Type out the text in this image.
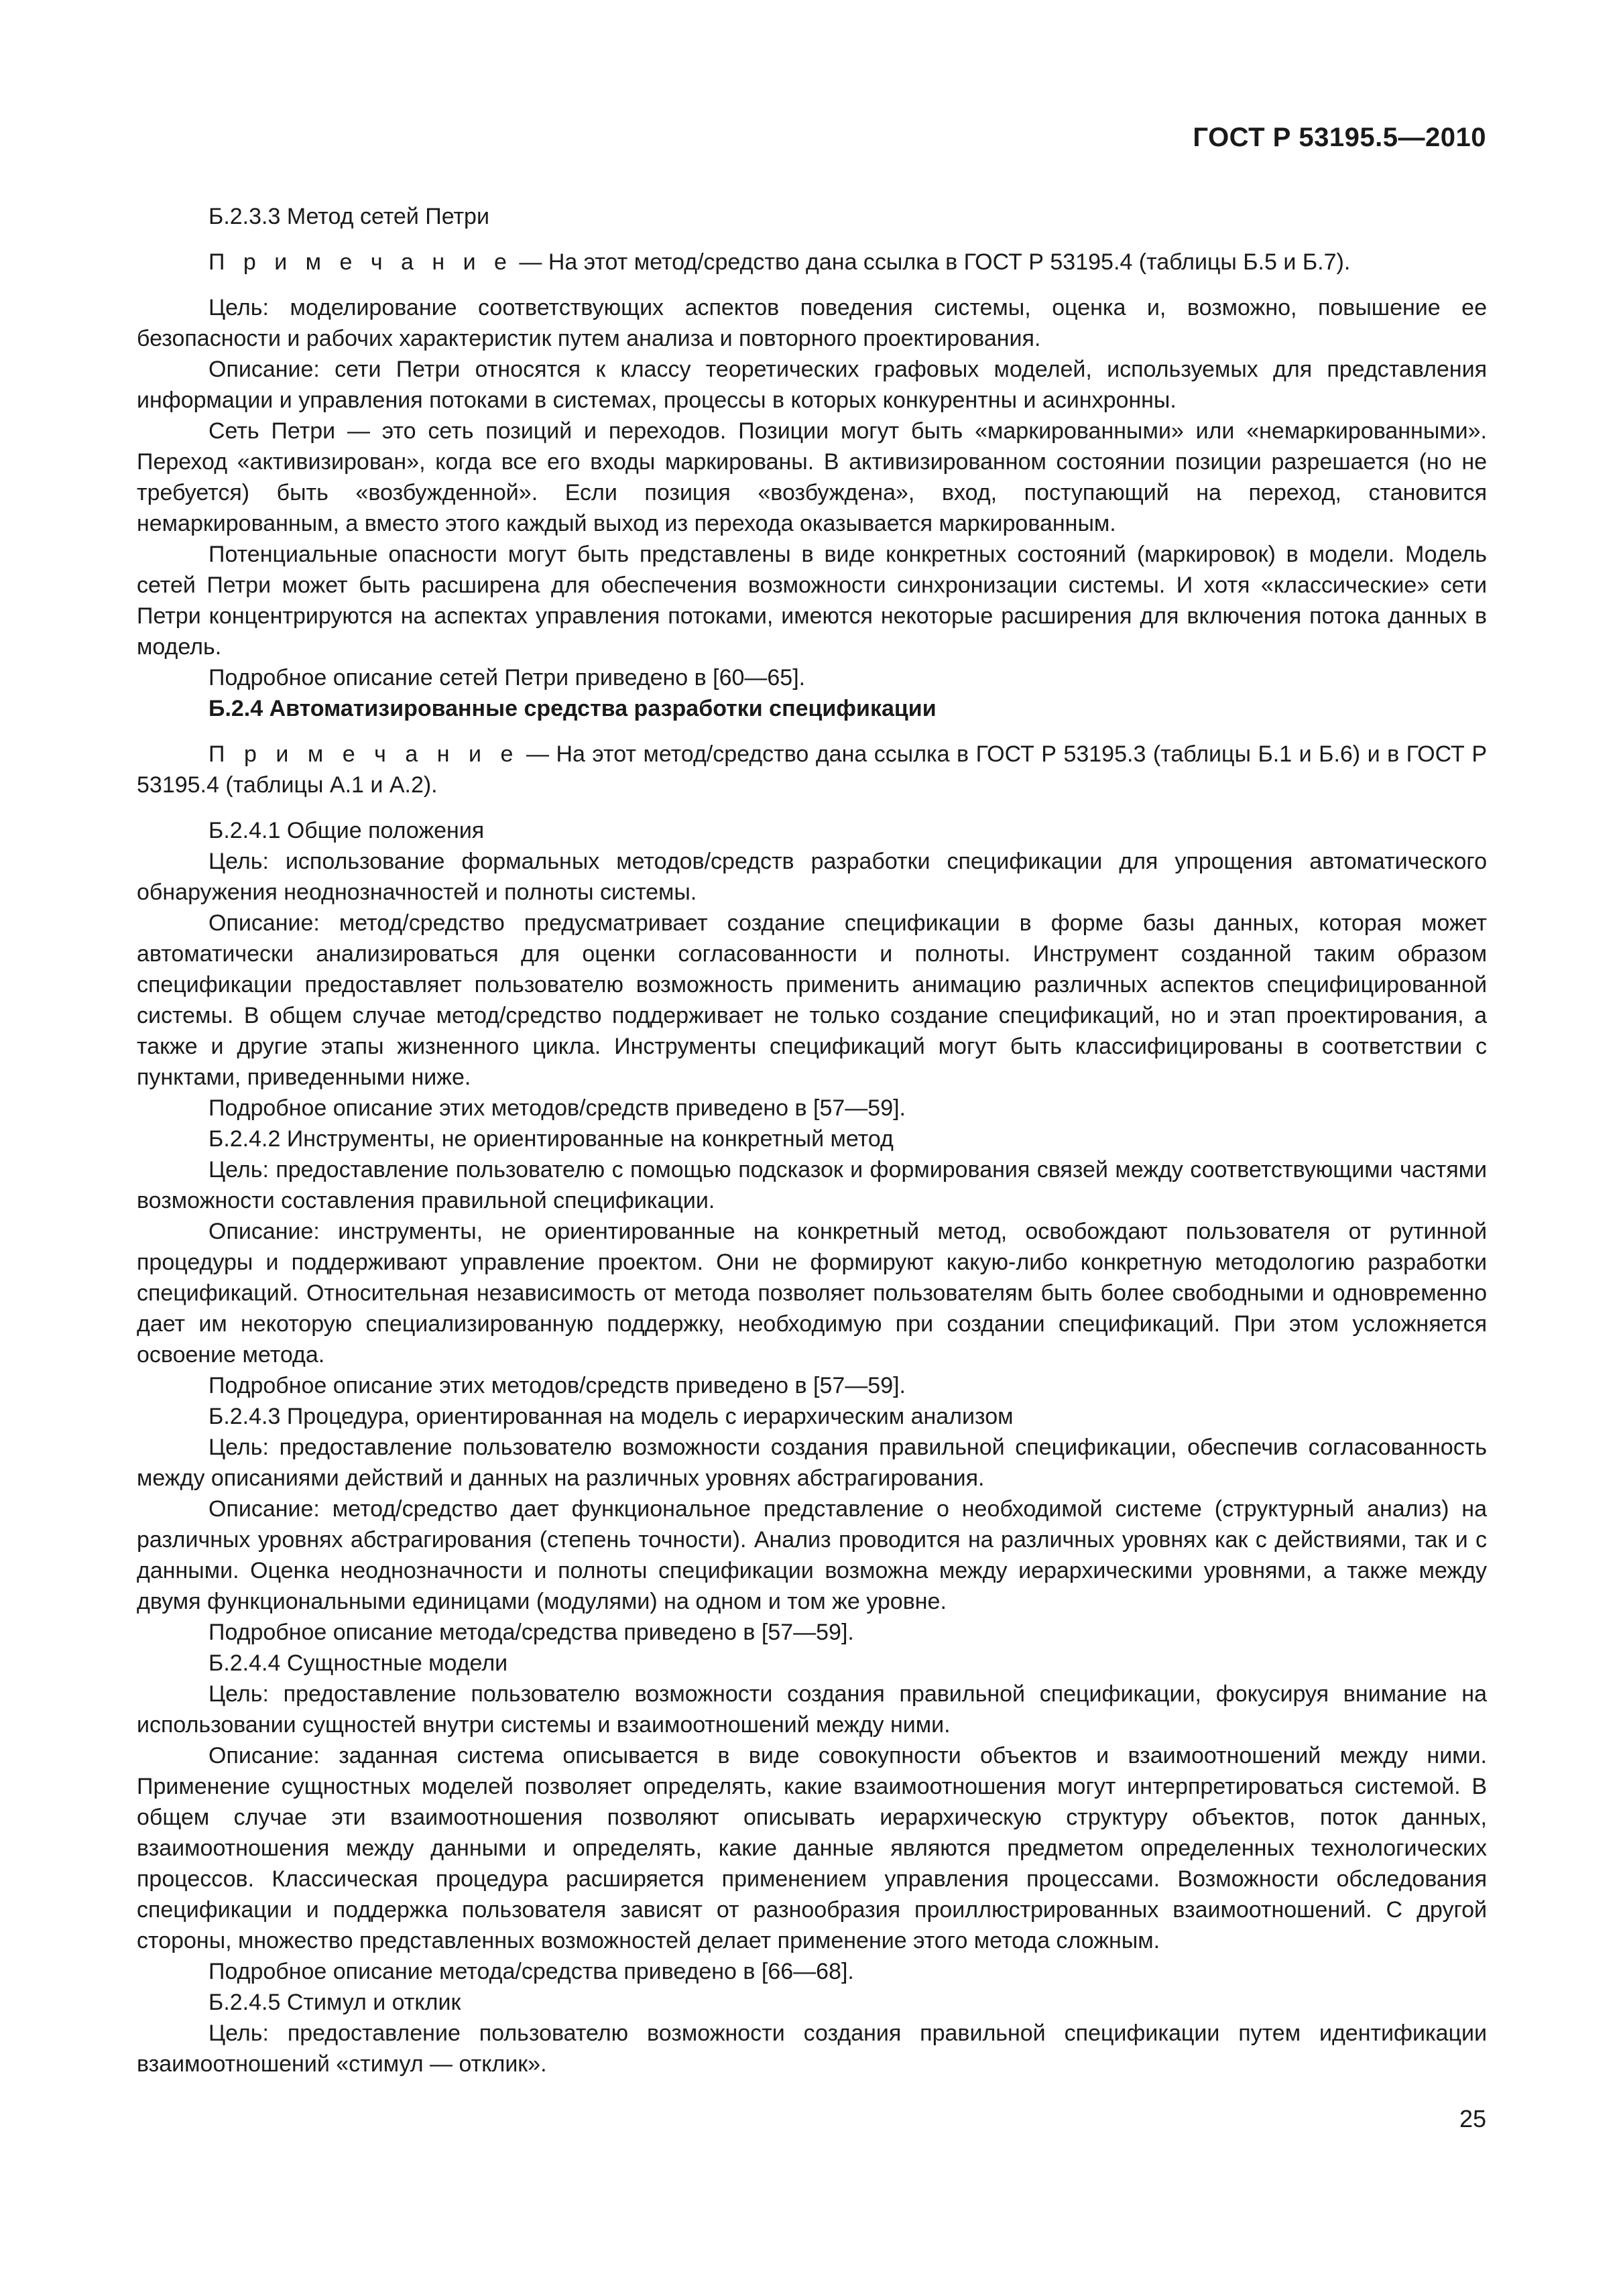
ГОСТ Р 53195.5—2010

Б.2.3.3 Метод сетей Петри

П р и м е ч а н и е — На этот метод/средство дана ссылка в ГОСТ Р 53195.4 (таблицы Б.5 и Б.7).

Цель: моделирование соответствующих аспектов поведения системы, оценка и, возможно, повышение ее безопасности и рабочих характеристик путем анализа и повторного проектирования.

Описание: сети Петри относятся к классу теоретических графовых моделей, используемых для представления информации и управления потоками в системах, процессы в которых конкурентны и асинхронны.

Сеть Петри — это сеть позиций и переходов. Позиции могут быть «маркированными» или «немаркированными». Переход «активизирован», когда все его входы маркированы. В активизированном состоянии позиции разрешается (но не требуется) быть «возбужденной». Если позиция «возбуждена», вход, поступающий на переход, становится немаркированным, а вместо этого каждый выход из перехода оказывается маркированным.

Потенциальные опасности могут быть представлены в виде конкретных состояний (маркировок) в модели. Модель сетей Петри может быть расширена для обеспечения возможности синхронизации системы. И хотя «классические» сети Петри концентрируются на аспектах управления потоками, имеются некоторые расширения для включения потока данных в модель.

Подробное описание сетей Петри приведено в [60—65].

Б.2.4 Автоматизированные средства разработки спецификации

П р и м е ч а н и е — На этот метод/средство дана ссылка в ГОСТ Р 53195.3 (таблицы Б.1 и Б.6) и в ГОСТ Р 53195.4 (таблицы А.1 и А.2).

Б.2.4.1 Общие положения

Цель: использование формальных методов/средств разработки спецификации для упрощения автоматического обнаружения неоднозначностей и полноты системы.

Описание: метод/средство предусматривает создание спецификации в форме базы данных, которая может автоматически анализироваться для оценки согласованности и полноты. Инструмент созданной таким образом спецификации предоставляет пользователю возможность применить анимацию различных аспектов специфицированной системы. В общем случае метод/средство поддерживает не только создание спецификаций, но и этап проектирования, а также и другие этапы жизненного цикла. Инструменты спецификаций могут быть классифицированы в соответствии с пунктами, приведенными ниже.

Подробное описание этих методов/средств приведено в [57—59].

Б.2.4.2 Инструменты, не ориентированные на конкретный метод

Цель: предоставление пользователю с помощью подсказок и формирования связей между соответствующими частями возможности составления правильной спецификации.

Описание: инструменты, не ориентированные на конкретный метод, освобождают пользователя от рутинной процедуры и поддерживают управление проектом. Они не формируют какую-либо конкретную методологию разработки спецификаций. Относительная независимость от метода позволяет пользователям быть более свободными и одновременно дает им некоторую специализированную поддержку, необходимую при создании спецификаций. При этом усложняется освоение метода.

Подробное описание этих методов/средств приведено в [57—59].

Б.2.4.3 Процедура, ориентированная на модель с иерархическим анализом

Цель: предоставление пользователю возможности создания правильной спецификации, обеспечив согласованность между описаниями действий и данных на различных уровнях абстрагирования.

Описание: метод/средство дает функциональное представление о необходимой системе (структурный анализ) на различных уровнях абстрагирования (степень точности). Анализ проводится на различных уровнях как с действиями, так и с данными. Оценка неоднозначности и полноты спецификации возможна между иерархическими уровнями, а также между двумя функциональными единицами (модулями) на одном и том же уровне.

Подробное описание метода/средства приведено в [57—59].

Б.2.4.4 Сущностные модели

Цель: предоставление пользователю возможности создания правильной спецификации, фокусируя внимание на использовании сущностей внутри системы и взаимоотношений между ними.

Описание: заданная система описывается в виде совокупности объектов и взаимоотношений между ними. Применение сущностных моделей позволяет определять, какие взаимоотношения могут интерпретироваться системой. В общем случае эти взаимоотношения позволяют описывать иерархическую структуру объектов, поток данных, взаимоотношения между данными и определять, какие данные являются предметом определенных технологических процессов. Классическая процедура расширяется применением управления процессами. Возможности обследования спецификации и поддержка пользователя зависят от разнообразия проиллюстрированных взаимоотношений. С другой стороны, множество представленных возможностей делает применение этого метода сложным.

Подробное описание метода/средства приведено в [66—68].

Б.2.4.5 Стимул и отклик

Цель: предоставление пользователю возможности создания правильной спецификации путем идентификации взаимоотношений «стимул — отклик».

25
